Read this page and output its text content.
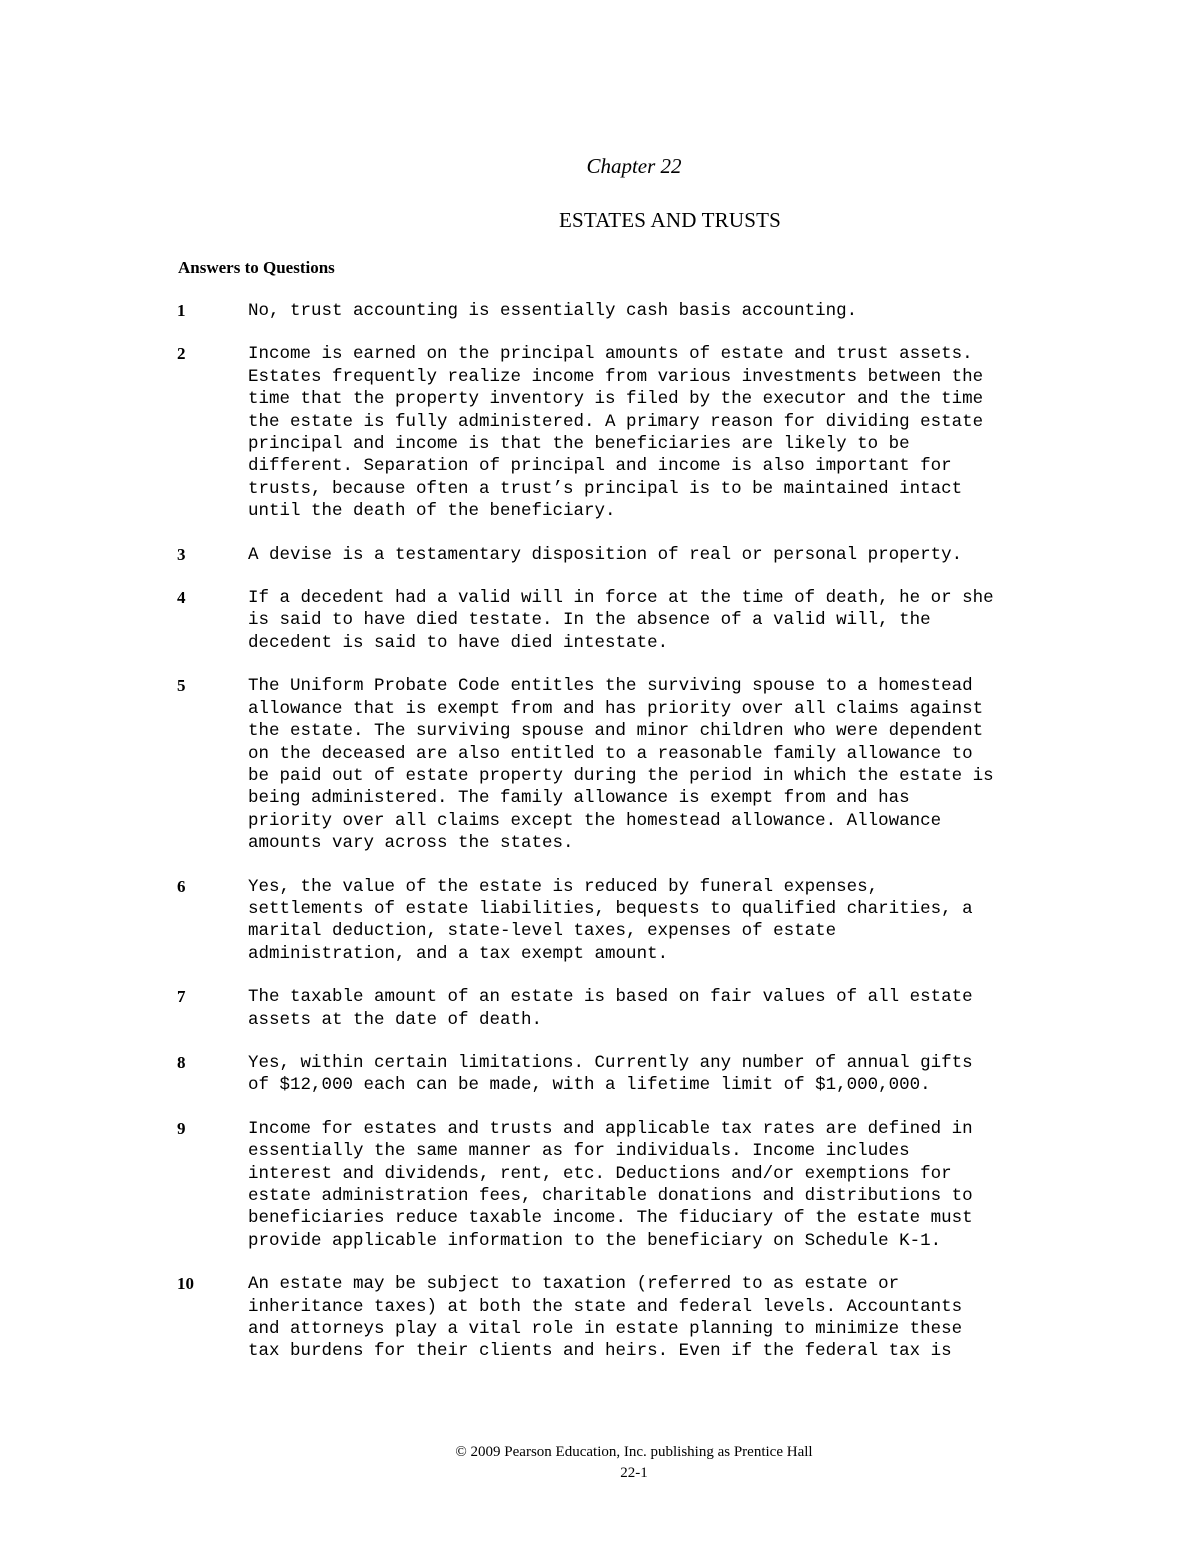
Chapter 22
ESTATES AND TRUSTS
Answers to Questions
1	No, trust accounting is essentially cash basis accounting.
2	Income is earned on the principal amounts of estate and trust assets.
Estates frequently realize income from various investments between the
time that the property inventory is filed by the executor and the time
the estate is fully administered. A primary reason for dividing estate
principal and income is that the beneficiaries are likely to be
different. Separation of principal and income is also important for
trusts, because often a trust’s principal is to be maintained intact
until the death of the beneficiary.
3	A devise is a testamentary disposition of real or personal property.
4	If a decedent had a valid will in force at the time of death, he or she
is said to have died testate. In the absence of a valid will, the
decedent is said to have died intestate.
5	The Uniform Probate Code entitles the surviving spouse to a homestead
allowance that is exempt from and has priority over all claims against
the estate. The surviving spouse and minor children who were dependent
on the deceased are also entitled to a reasonable family allowance to
be paid out of estate property during the period in which the estate is
being administered. The family allowance is exempt from and has
priority over all claims except the homestead allowance. Allowance
amounts vary across the states.
6	Yes, the value of the estate is reduced by funeral expenses,
settlements of estate liabilities, bequests to qualified charities, a
marital deduction, state-level taxes, expenses of estate
administration, and a tax exempt amount.
7	The taxable amount of an estate is based on fair values of all estate
assets at the date of death.
8	Yes, within certain limitations. Currently any number of annual gifts
of $12,000 each can be made, with a lifetime limit of $1,000,000.
9	Income for estates and trusts and applicable tax rates are defined in
essentially the same manner as for individuals. Income includes
interest and dividends, rent, etc. Deductions and/or exemptions for
estate administration fees, charitable donations and distributions to
beneficiaries reduce taxable income. The fiduciary of the estate must
provide applicable information to the beneficiary on Schedule K-1.
10	An estate may be subject to taxation (referred to as estate or
inheritance taxes) at both the state and federal levels. Accountants
and attorneys play a vital role in estate planning to minimize these
tax burdens for their clients and heirs. Even if the federal tax is
© 2009 Pearson Education, Inc. publishing as Prentice Hall
22-1
